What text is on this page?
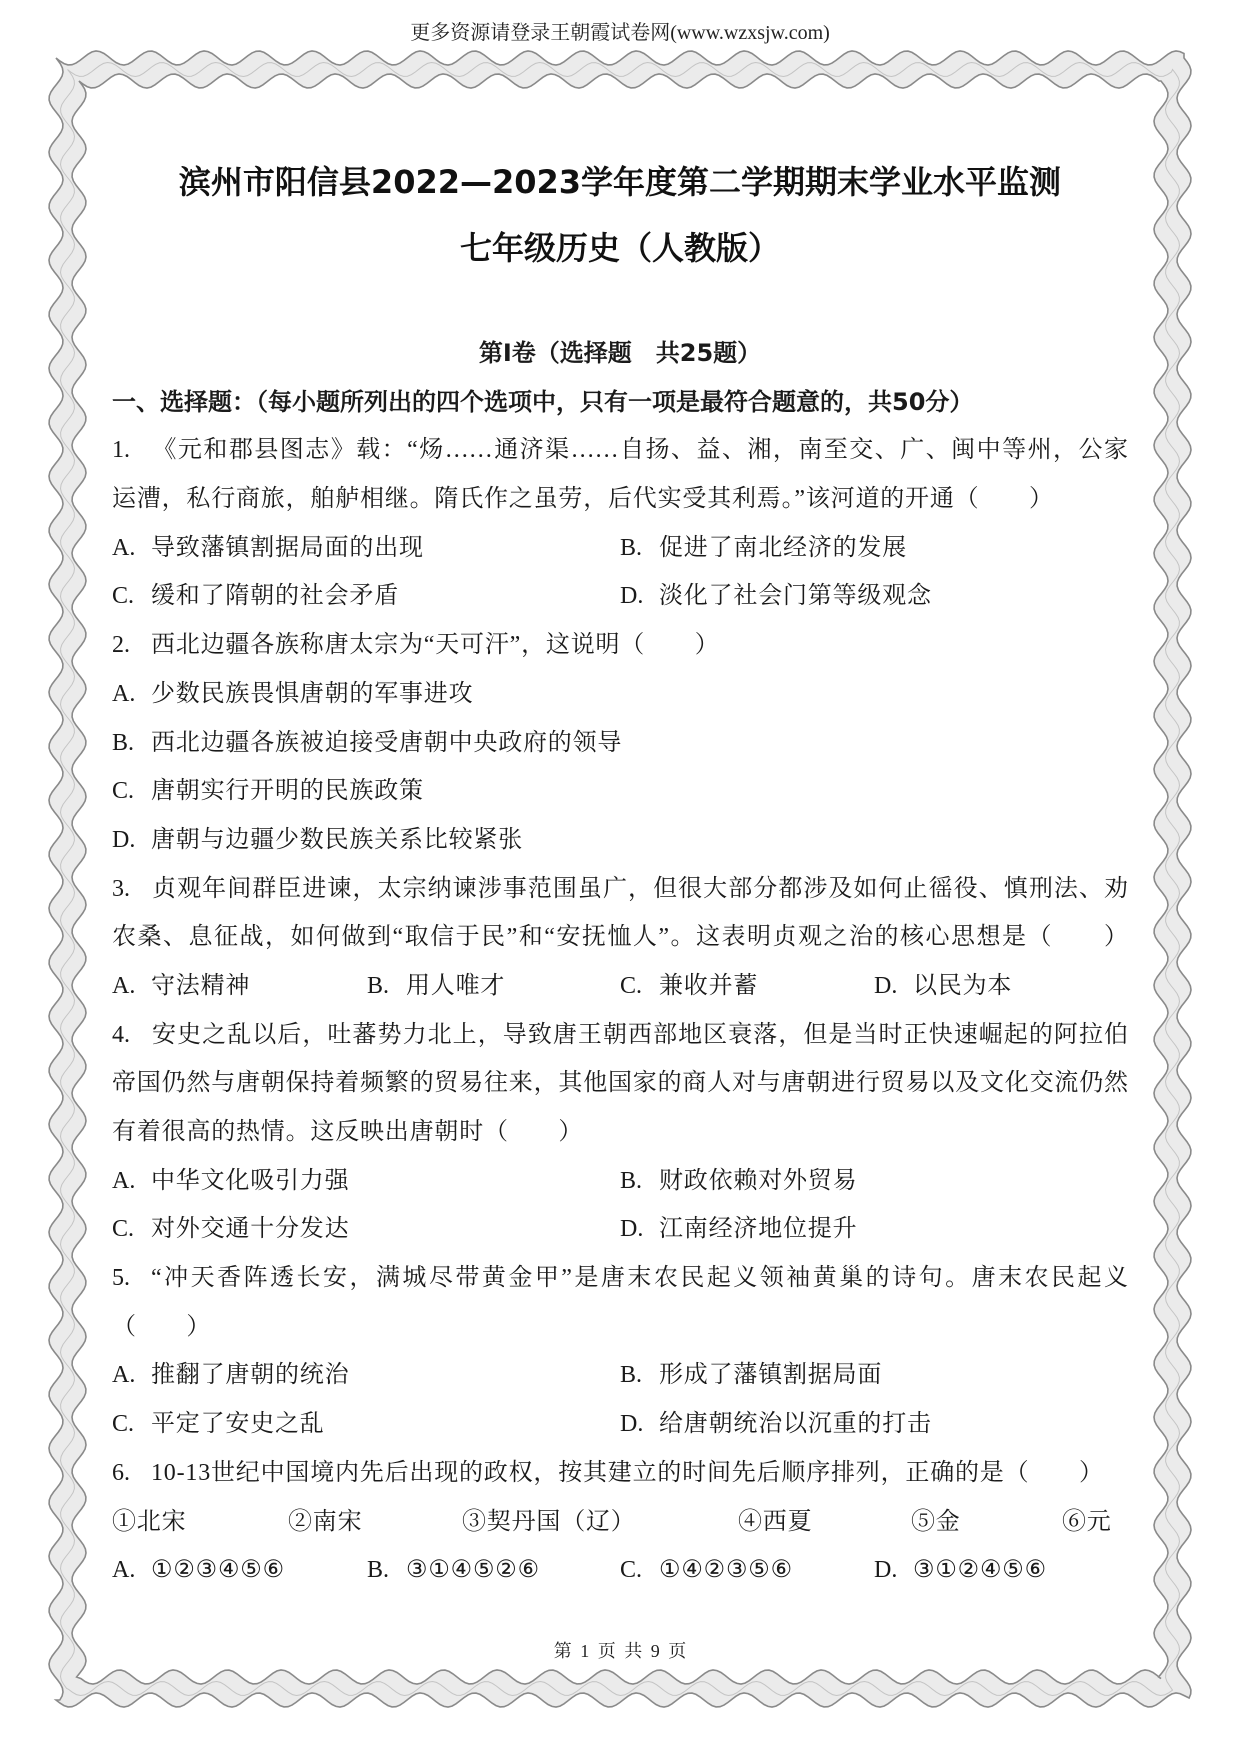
更多资源请登录王朝霞试卷网(www.wzxsjw.com)
滨州市阳信县2022—2023学年度第二学期期末学业水平监测
七年级历史（人教版）
第Ⅰ卷（选择题　共25题）
一、选择题：（每小题所列出的四个选项中，只有一项是最符合题意的，共50分）
1. 《元和郡县图志》载：“炀……通济渠……自扬、益、湘，南至交、广、闽中等州，公家
运漕，私行商旅，舶舻相继。隋氏作之虽劳，后代实受其利焉。”该河道的开通（　　）
A. 导致藩镇割据局面的出现	B. 促进了南北经济的发展
C. 缓和了隋朝的社会矛盾	D. 淡化了社会门第等级观念
2. 西北边疆各族称唐太宗为“天可汗”，这说明（　　）
A. 少数民族畏惧唐朝的军事进攻
B. 西北边疆各族被迫接受唐朝中央政府的领导
C. 唐朝实行开明的民族政策
D. 唐朝与边疆少数民族关系比较紧张
3. 贞观年间群臣进谏，太宗纳谏涉事范围虽广，但很大部分都涉及如何止徭役、慎刑法、劝
农桑、息征战，如何做到“取信于民”和“安抚恤人”。这表明贞观之治的核心思想是（　　）
A. 守法精神	B. 用人唯才	C. 兼收并蓄	D. 以民为本
4. 安史之乱以后，吐蕃势力北上，导致唐王朝西部地区衰落，但是当时正快速崛起的阿拉伯
帝国仍然与唐朝保持着频繁的贸易往来，其他国家的商人对与唐朝进行贸易以及文化交流仍然
有着很高的热情。这反映出唐朝时（　　）
A. 中华文化吸引力强	B. 财政依赖对外贸易
C. 对外交通十分发达	D. 江南经济地位提升
5. “冲天香阵透长安，满城尽带黄金甲”是唐末农民起义领袖黄巢的诗句。唐末农民起义
（　　）
A. 推翻了唐朝的统治	B. 形成了藩镇割据局面
C. 平定了安史之乱	D. 给唐朝统治以沉重的打击
6. 10-13世纪中国境内先后出现的政权，按其建立的时间先后顺序排列，正确的是（　　）
①北宋	②南宋	③契丹国（辽）	④西夏	⑤金	⑥元
A. ①②③④⑤⑥	B. ③①④⑤②⑥	C. ①④②③⑤⑥	D. ③①②④⑤⑥
第 1 页 共 9 页
